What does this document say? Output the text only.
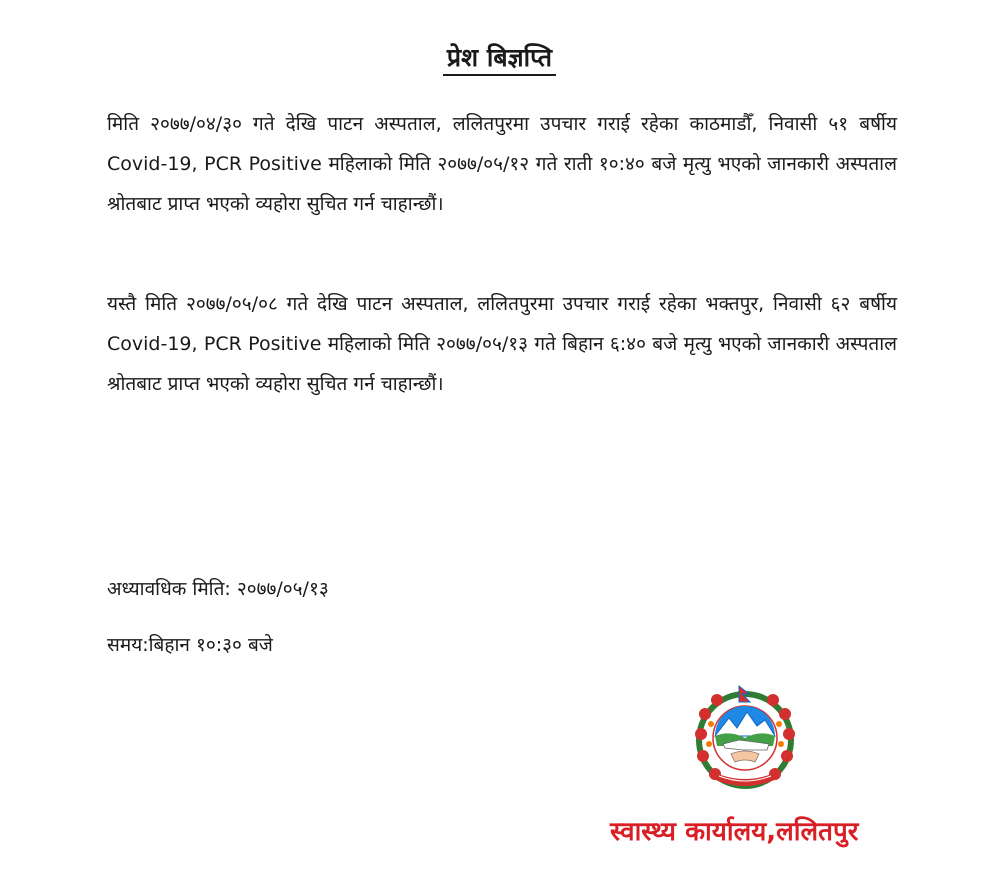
प्रेश बिज्ञप्ति

मिति २०७७/०४/३० गते देखि पाटन अस्पताल, ललितपुरमा उपचार गराई रहेका काठमाडौँ, निवासी ५१ बर्षीय Covid-19, PCR Positive महिलाको मिति २०७७/०५/१२ गते राती १०:४० बजे मृत्यु भएको जानकारी अस्पताल श्रोतबाट प्राप्त भएको व्यहोरा सुचित गर्न चाहान्छौं।

यस्तै मिति २०७७/०५/०८ गते देखि पाटन अस्पताल, ललितपुरमा उपचार गराई रहेका भक्तपुर, निवासी ६२ बर्षीय Covid-19, PCR Positive महिलाको मिति २०७७/०५/१३ गते बिहान ६:४० बजे मृत्यु भएको जानकारी अस्पताल श्रोतबाट प्राप्त भएको व्यहोरा सुचित गर्न चाहान्छौं।

अध्यावधिक मिति: २०७७/०५/१३

समय:बिहान १०:३० बजे

स्वास्थ्य कार्यालय,ललितपुर
